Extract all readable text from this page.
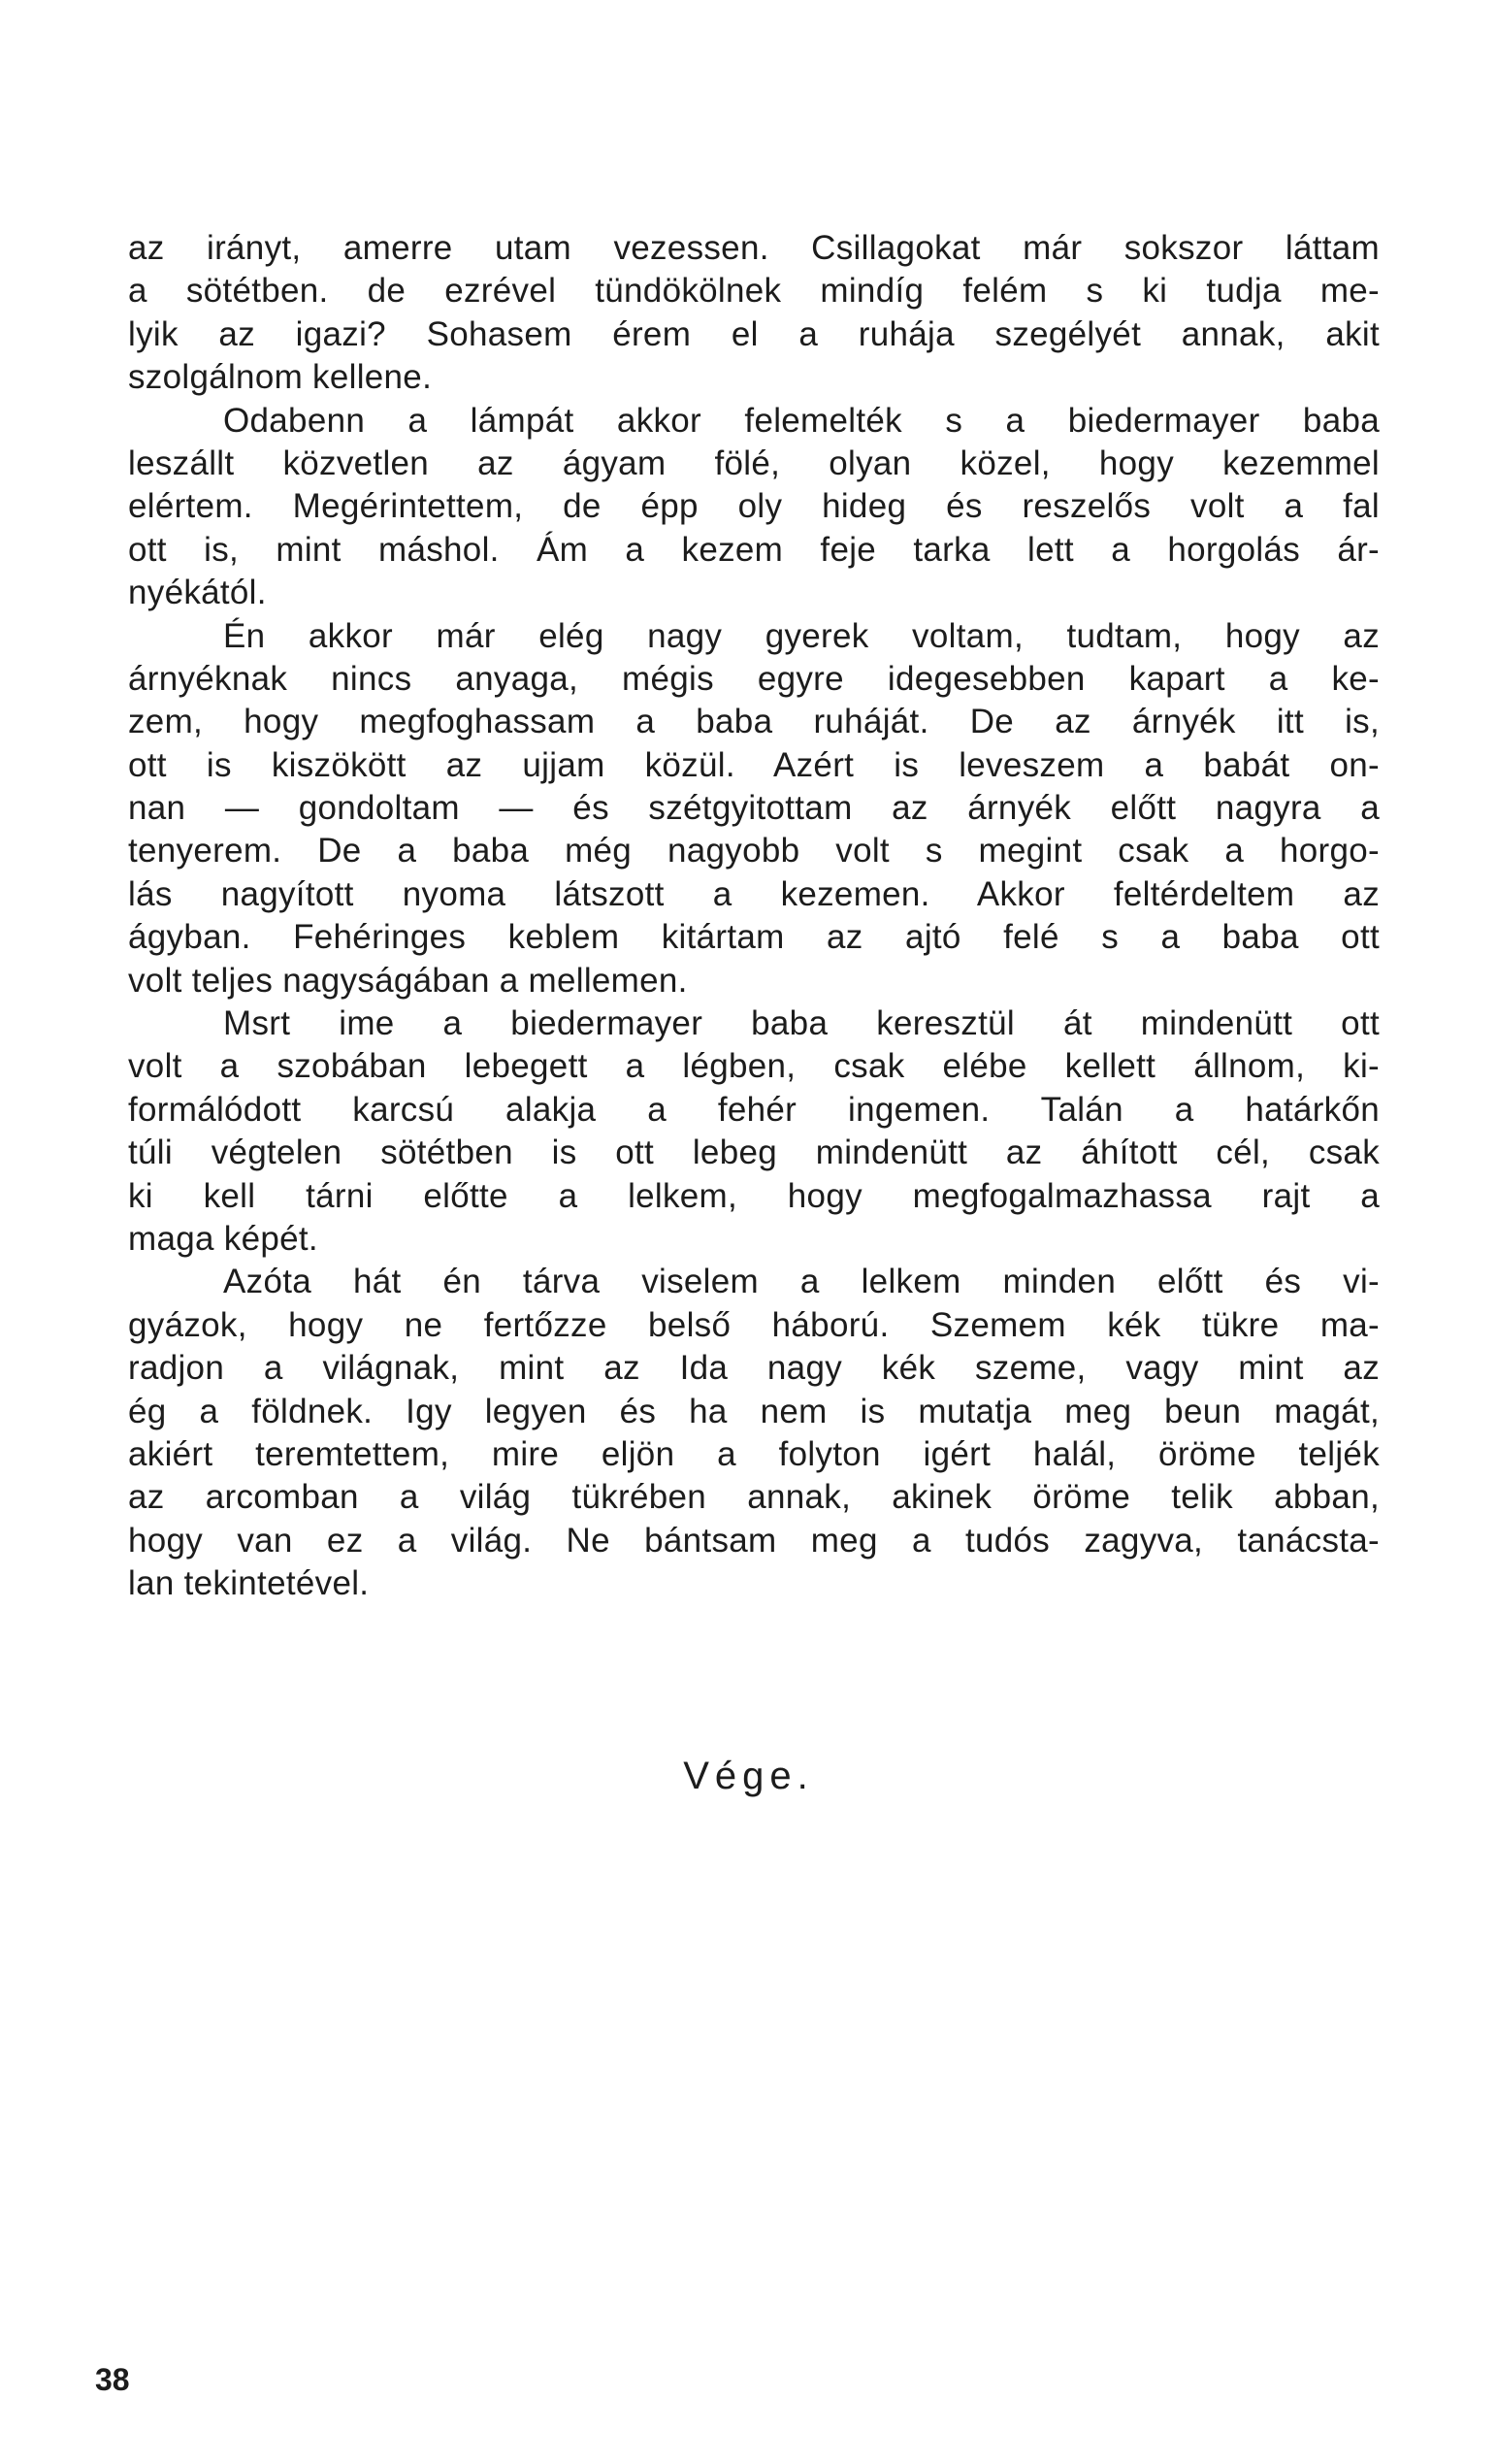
az irányt, amerre utam vezessen. Csillagokat már sokszor láttam
a sötétben. de ezrével tündökölnek mindíg felém s ki tudja me-
lyik az igazi? Sohasem érem el a ruhája szegélyét annak, akit
szolgálnom kellene.
Odabenn a lámpát akkor felemelték s a biedermayer baba
leszállt közvetlen az ágyam fölé, olyan közel, hogy kezemmel
elértem. Megérintettem, de épp oly hideg és reszelős volt a fal
ott is, mint máshol. Ám a kezem feje tarka lett a horgolás ár-
nyékától.
Én akkor már elég nagy gyerek voltam, tudtam, hogy az
árnyéknak nincs anyaga, mégis egyre idegesebben kapart a ke-
zem, hogy megfoghassam a baba ruháját. De az árnyék itt is,
ott is kiszökött az ujjam közül. Azért is leveszem a babát on-
nan — gondoltam — és szétgyitottam az árnyék előtt nagyra a
tenyerem. De a baba még nagyobb volt s megint csak a horgo-
lás nagyított nyoma látszott a kezemen. Akkor feltérdeltem az
ágyban. Fehéringes keblem kitártam az ajtó felé s a baba ott
volt teljes nagyságában a mellemen.
Msrt ime a biedermayer baba keresztül át mindenütt ott
volt a szobában lebegett a légben, csak elébe kellett állnom, ki-
formálódott karcsú alakja a fehér ingemen. Talán a határkőn
túli végtelen sötétben is ott lebeg mindenütt az áhított cél, csak
ki kell tárni előtte a lelkem, hogy megfogalmazhassa rajt a
maga képét.
Azóta hát én tárva viselem a lelkem minden előtt és vi-
gyázok, hogy ne fertőzze belső háború. Szemem kék tükre ma-
radjon a világnak, mint az Ida nagy kék szeme, vagy mint az
ég a földnek. Igy legyen és ha nem is mutatja meg beun magát,
akiért teremtettem, mire eljön a folyton igért halál, öröme teljék
az arcomban a világ tükrében annak, akinek öröme telik abban,
hogy van ez a világ. Ne bántsam meg a tudós zagyva, tanácsta-
lan tekintetével.
Vége.
38
